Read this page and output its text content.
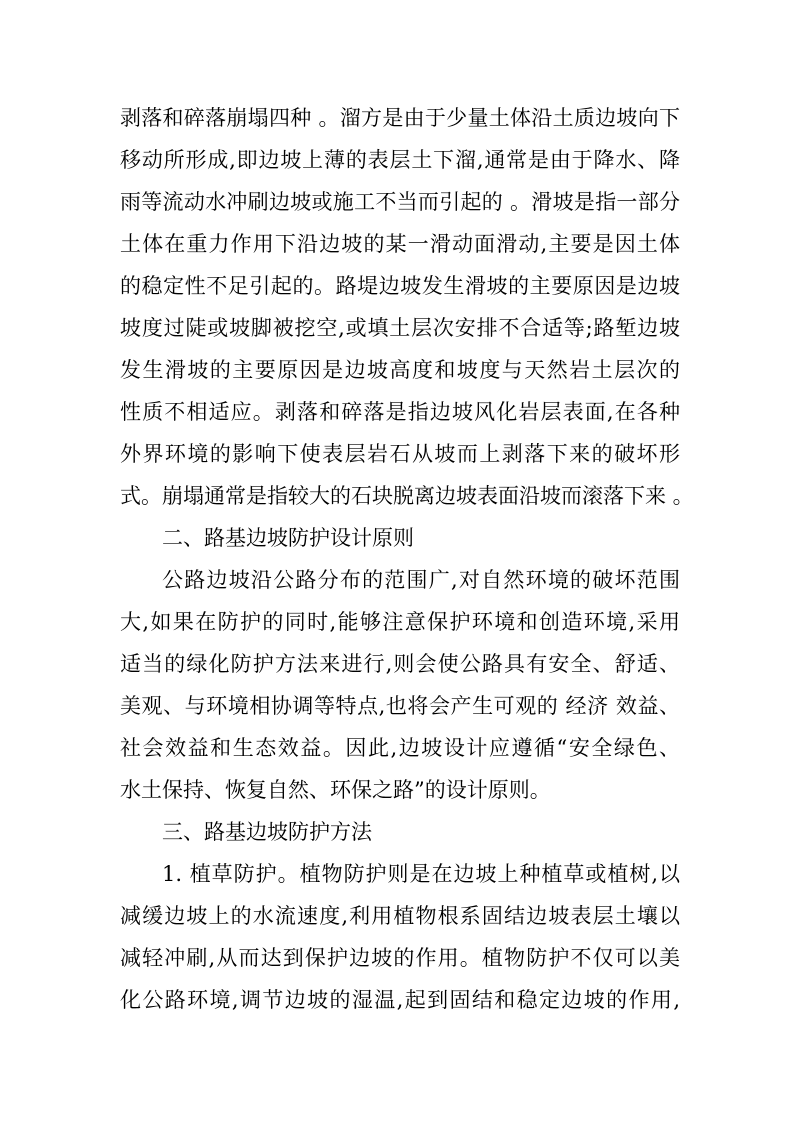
剥落和碎落崩塌四种 。溜方是由于少量土体沿土质边坡向下
移动所形成,即边坡上薄的表层土下溜,通常是由于降水、降
雨等流动水冲刷边坡或施工不当而引起的 。滑坡是指一部分
土体在重力作用下沿边坡的某一滑动面滑动,主要是因土体
的稳定性不足引起的。路堤边坡发生滑坡的主要原因是边坡
坡度过陡或坡脚被挖空,或填土层次安排不合适等;路堑边坡
发生滑坡的主要原因是边坡高度和坡度与天然岩土层次的
性质不相适应。剥落和碎落是指边坡风化岩层表面,在各种
外界环境的影响下使表层岩石从坡而上剥落下来的破坏形
式。崩塌通常是指较大的石块脱离边坡表面沿坡而滚落下来 。
二、路基边坡防护设计原则
公路边坡沿公路分布的范围广,对自然环境的破坏范围
大,如果在防护的同时,能够注意保护环境和创造环境,采用
适当的绿化防护方法来进行,则会使公路具有安全、舒适、
美观、与环境相协调等特点,也将会产生可观的 经济 效益、
社会效益和生态效益。因此,边坡设计应遵循“安全绿色、
水土保持、恢复自然、环保之路”的设计原则。
三、路基边坡防护方法
1. 植草防护。植物防护则是在边坡上种植草或植树,以
减缓边坡上的水流速度,利用植物根系固结边坡表层土壤以
减轻冲刷,从而达到保护边坡的作用。植物防护不仅可以美
化公路环境,调节边坡的湿温,起到固结和稳定边坡的作用,
